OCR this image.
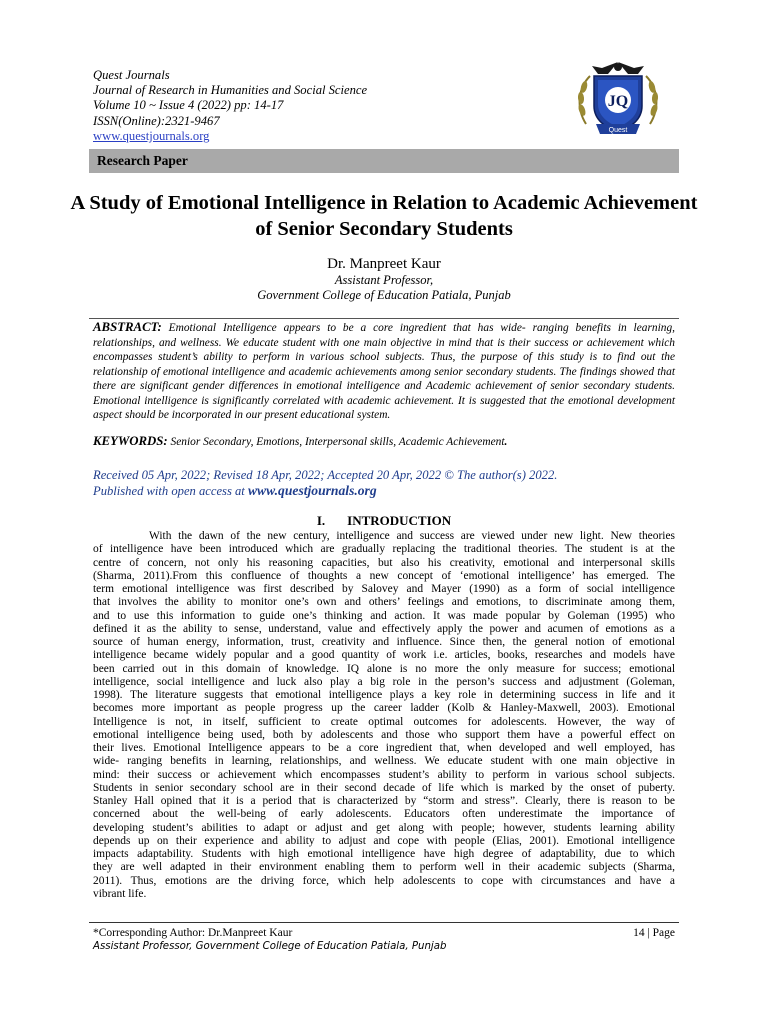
Quest Journals
Journal of Research in Humanities and Social Science
Volume 10 ~ Issue 4 (2022) pp: 14-17
ISSN(Online):2321-9467
www.questjournals.org
JQ
Quest
Research Paper
A Study of Emotional Intelligence in Relation to Academic Achievement of Senior Secondary Students
Dr. Manpreet Kaur
Assistant Professor,
Government College of Education Patiala, Punjab
ABSTRACT: Emotional Intelligence appears to be a core ingredient that has wide- ranging benefits in learning, relationships, and wellness. We educate student with one main objective in mind that is their success or achievement which encompasses student’s ability to perform in various school subjects. Thus, the purpose of this study is to find out the relationship of emotional intelligence and academic achievements among senior secondary students. The findings showed that there are significant gender differences in emotional intelligence and Academic achievement of senior secondary students. Emotional intelligence is significantly correlated with academic achievement. It is suggested that the emotional development aspect should be incorporated in our present educational system.
KEYWORDS: Senior Secondary, Emotions, Interpersonal skills, Academic Achievement.
Received 05 Apr, 2022; Revised 18 Apr, 2022; Accepted 20 Apr, 2022 © The author(s) 2022.
Published with open access at www.questjournals.org
I. INTRODUCTION
With the dawn of the new century, intelligence and success are viewed under new light. New theories
of intelligence have been introduced which are gradually replacing the traditional theories. The student is at the
centre of concern, not only his reasoning capacities, but also his creativity, emotional and interpersonal skills
(Sharma, 2011).From this confluence of thoughts a new concept of ‘emotional intelligence’ has emerged. The
term emotional intelligence was first described by Salovey and Mayer (1990) as a form of social intelligence
that involves the ability to monitor one’s own and others’ feelings and emotions, to discriminate among them,
and to use this information to guide one’s thinking and action. It was made popular by Goleman (1995) who
defined it as the ability to sense, understand, value and effectively apply the power and acumen of emotions as a
source of human energy, information, trust, creativity and influence. Since then, the general notion of emotional
intelligence became widely popular and a good quantity of work i.e. articles, books, researches and models have
been carried out in this domain of knowledge. IQ alone is no more the only measure for success; emotional
intelligence, social intelligence and luck also play a big role in the person’s success and adjustment (Goleman,
1998). The literature suggests that emotional intelligence plays a key role in determining success in life and it
becomes more important as people progress up the career ladder (Kolb & Hanley-Maxwell, 2003). Emotional
Intelligence is not, in itself, sufficient to create optimal outcomes for adolescents. However, the way of
emotional intelligence being used, both by adolescents and those who support them have a powerful effect on
their lives. Emotional Intelligence appears to be a core ingredient that, when developed and well employed, has
wide- ranging benefits in learning, relationships, and wellness. We educate student with one main objective in
mind: their success or achievement which encompasses student’s ability to perform in various school subjects.
Students in senior secondary school are in their second decade of life which is marked by the onset of puberty.
Stanley Hall opined that it is a period that is characterized by “storm and stress”. Clearly, there is reason to be
concerned about the well-being of early adolescents. Educators often underestimate the importance of
developing student’s abilities to adapt or adjust and get along with people; however, students learning ability
depends up on their experience and ability to adjust and cope with people (Elias, 2001). Emotional intelligence
impacts adaptability. Students with high emotional intelligence have high degree of adaptability, due to which
they are well adapted in their environment enabling them to perform well in their academic subjects (Sharma,
2011). Thus, emotions are the driving force, which help adolescents to cope with circumstances and have a
vibrant life.
*Corresponding Author: Dr.Manpreet Kaur
Assistant Professor, Government College of Education Patiala, Punjab
14 | Page
